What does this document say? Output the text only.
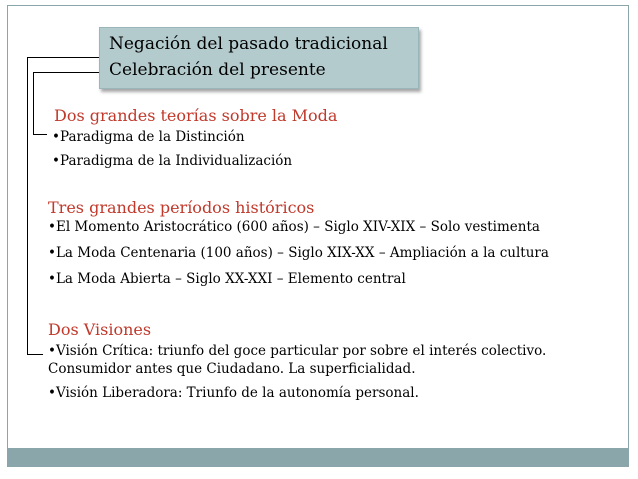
Negación del pasado tradicional
Celebración del presente
Dos grandes teorías sobre la Moda
•Paradigma de la Distinción
•Paradigma de la Individualización
Tres grandes períodos históricos
•El Momento Aristocrático (600 años) – Siglo XIV-XIX – Solo vestimenta
•La Moda Centenaria (100 años) – Siglo XIX-XX – Ampliación a la cultura
•La Moda Abierta – Siglo XX-XXI – Elemento central
Dos Visiones
•Visión Crítica: triunfo del goce particular por sobre el interés colectivo.
Consumidor antes que Ciudadano. La superficialidad.
•Visión Liberadora: Triunfo de la autonomía personal.
